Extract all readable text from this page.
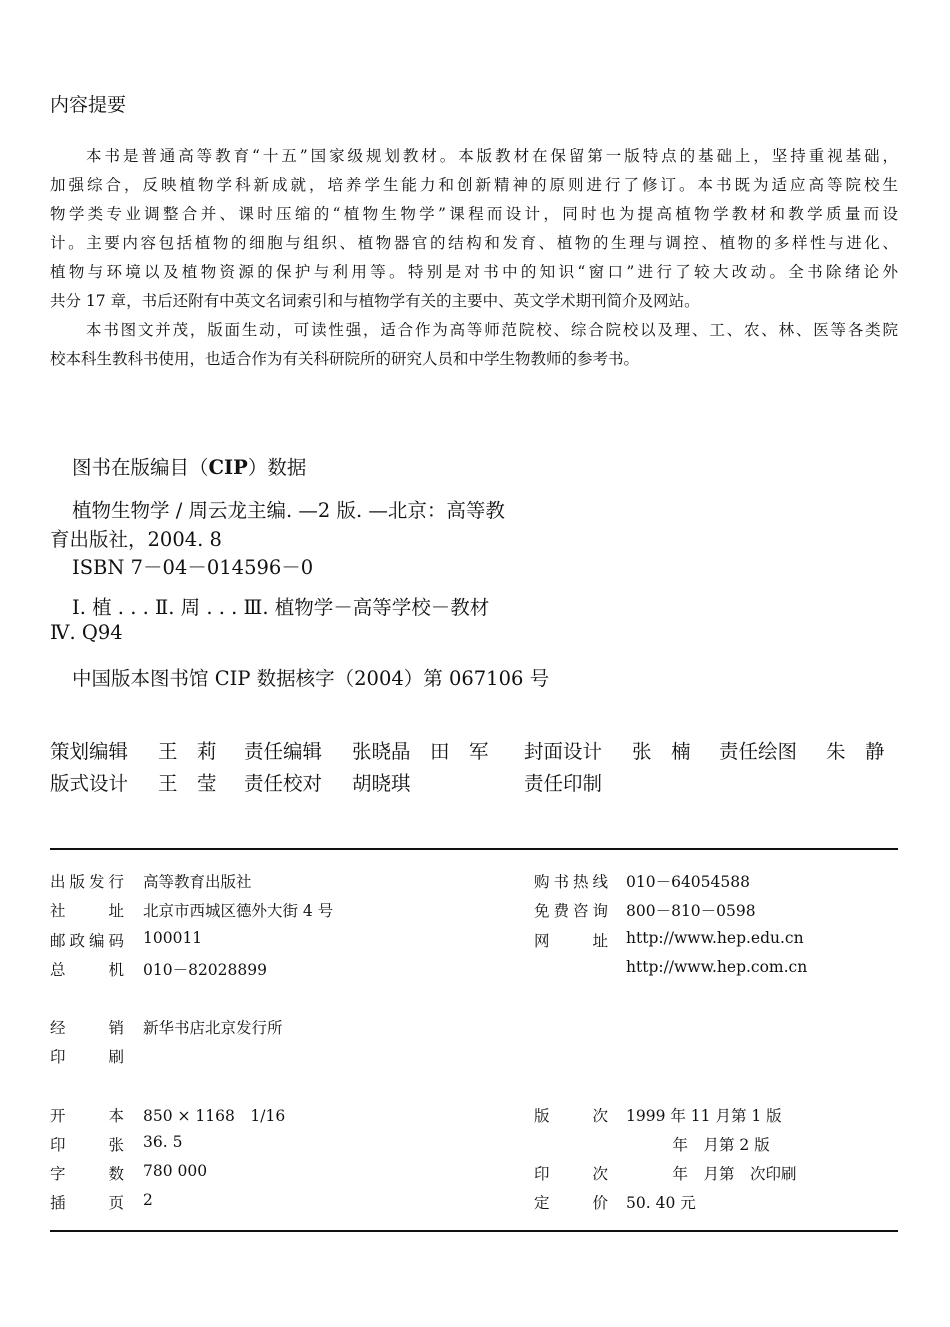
内容提要
本书是普通高等教育“十五”国家级规划教材。本版教材在保留第一版特点的基础上，坚持重视基础，
加强综合，反映植物学科新成就，培养学生能力和创新精神的原则进行了修订。本书既为适应高等院校生
物学类专业调整合并、课时压缩的“植物生物学”课程而设计，同时也为提高植物学教材和教学质量而设
计。主要内容包括植物的细胞与组织、植物器官的结构和发育、植物的生理与调控、植物的多样性与进化、
植物与环境以及植物资源的保护与利用等。特别是对书中的知识“窗口”进行了较大改动。全书除绪论外
共分 17 章，书后还附有中英文名词索引和与植物学有关的主要中、英文学术期刊简介及网站。
本书图文并茂，版面生动，可读性强，适合作为高等师范院校、综合院校以及理、工、农、林、医等各类院
校本科生教科书使用，也适合作为有关科研院所的研究人员和中学生物教师的参考书。
图书在版编目（CIP）数据
植物生物学 / 周云龙主编. —2 版. —北京：高等教
育出版社，2004. 8
ISBN 7－04－014596－0
Ⅰ. 植 . . . Ⅱ. 周 . . . Ⅲ. 植物学－高等学校－教材
Ⅳ. Q94
中国版本图书馆 CIP 数据核字（2004）第 067106 号
策划编辑 王　莉 责任编辑 张晓晶　田　军 封面设计 张　楠 责任绘图 朱　静
版式设计 王　莹 责任校对 胡晓琪	责任印制
出版发行 高等教育出版社
社址 北京市西城区德外大街 4 号
邮政编码 100011
总机 010－82028899
购书热线 010－64054588
免费咨询 800－810－0598
网址 http://www.hep.edu.cn
http://www.hep.com.cn
经销 新华书店北京发行所
印刷
开本 850 × 1168　1/16
印张 36. 5
字数 780 000
插页 2
版次 1999 年 11 月第 1 版
　　　年　月第 2 版
印次 　　　年　月第　次印刷
定价 50. 40 元
